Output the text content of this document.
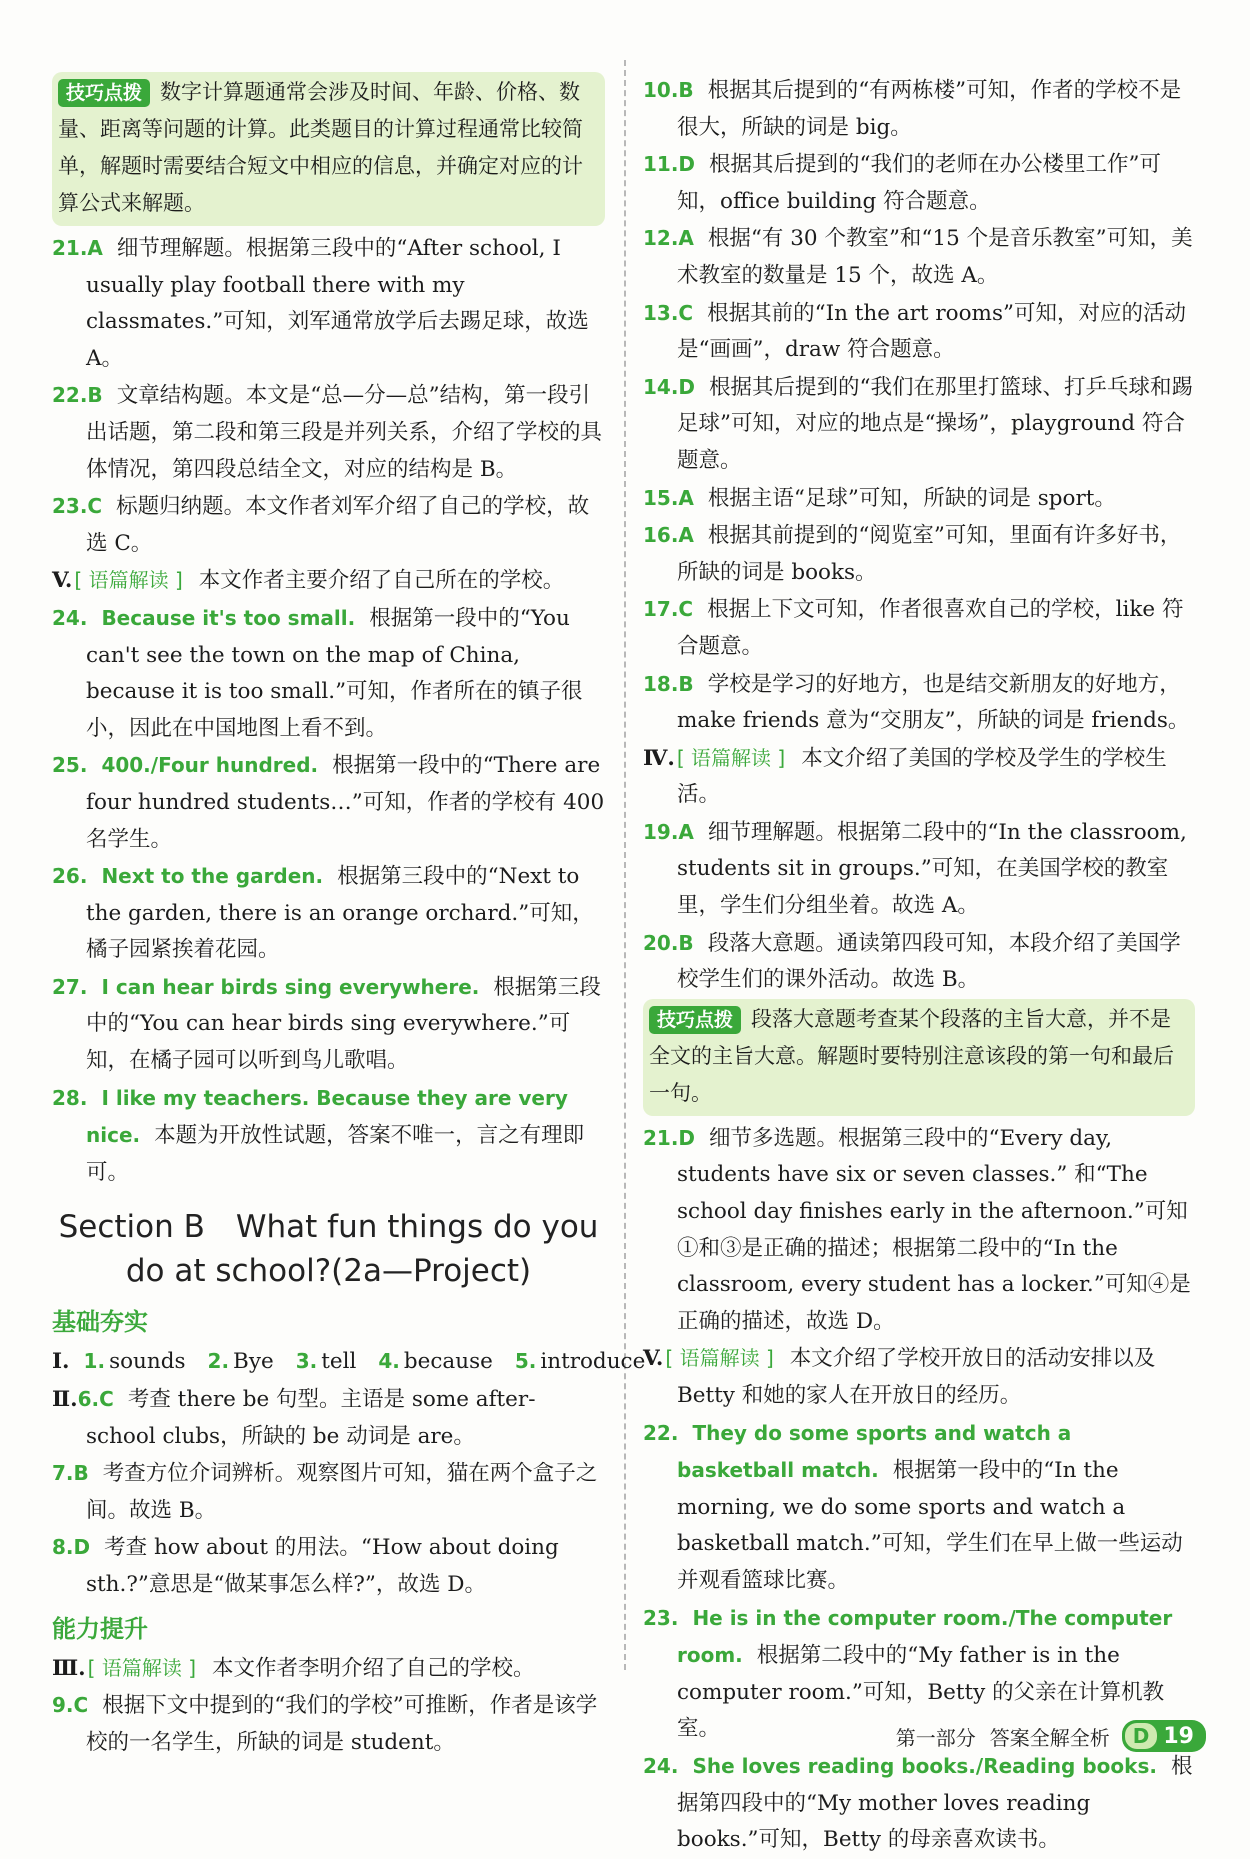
技巧点拨 数字计算题通常会涉及时间、年龄、价格、数量、距离等问题的计算。此类题目的计算过程通常比较简单，解题时需要结合短文中相应的信息，并确定对应的计算公式来解题。

21.A 细节理解题。根据第三段中的“After school, I usually play football there with my classmates.”可知，刘军通常放学后去踢足球，故选 A。

22.B 文章结构题。本文是“总—分—总”结构，第一段引出话题，第二段和第三段是并列关系，介绍了学校的具体情况，第四段总结全文，对应的结构是 B。

23.C 标题归纳题。本文作者刘军介绍了自己的学校，故选 C。

V. [ 语篇解读 ] 本文作者主要介绍了自己所在的学校。

24. Because it's too small. 根据第一段中的“You can't see the town on the map of China, because it is too small.”可知，作者所在的镇子很小，因此在中国地图上看不到。

25. 400./Four hundred. 根据第一段中的“There are four hundred students…”可知，作者的学校有 400 名学生。

26. Next to the garden. 根据第三段中的“Next to the garden, there is an orange orchard.”可知，橘子园紧挨着花园。

27. I can hear birds sing everywhere. 根据第三段中的“You can hear birds sing everywhere.”可知，在橘子园可以听到鸟儿歌唱。

28. I like my teachers. Because they are very nice. 本题为开放性试题，答案不唯一，言之有理即可。

Section B　What fun things do you
do at school?(2a—Project)
基础夯实

Ⅰ. 1. sounds 2. Bye 3. tell 4. because 5. introduce

Ⅱ.6.C 考查 there be 句型。主语是 some after-school clubs，所缺的 be 动词是 are。

7.B 考查方位介词辨析。观察图片可知，猫在两个盒子之间。故选 B。

8.D 考查 how about 的用法。“How about doing sth.?”意思是“做某事怎么样?”，故选 D。

能力提升

Ⅲ. [ 语篇解读 ] 本文作者李明介绍了自己的学校。

9.C 根据下文中提到的“我们的学校”可推断，作者是该学校的一名学生，所缺的词是 student。

10.B 根据其后提到的“有两栋楼”可知，作者的学校不是很大，所缺的词是 big。

11.D 根据其后提到的“我们的老师在办公楼里工作”可知，office building 符合题意。

12.A 根据“有 30 个教室”和“15 个是音乐教室”可知，美术教室的数量是 15 个，故选 A。

13.C 根据其前的“In the art rooms”可知，对应的活动是“画画”，draw 符合题意。

14.D 根据其后提到的“我们在那里打篮球、打乒乓球和踢足球”可知，对应的地点是“操场”，playground 符合题意。

15.A 根据主语“足球”可知，所缺的词是 sport。

16.A 根据其前提到的“阅览室”可知，里面有许多好书，所缺的词是 books。

17.C 根据上下文可知，作者很喜欢自己的学校，like 符合题意。

18.B 学校是学习的好地方，也是结交新朋友的好地方，make friends 意为“交朋友”，所缺的词是 friends。

Ⅳ. [ 语篇解读 ] 本文介绍了美国的学校及学生的学校生活。

19.A 细节理解题。根据第二段中的“In the classroom, students sit in groups.”可知，在美国学校的教室里，学生们分组坐着。故选 A。

20.B 段落大意题。通读第四段可知，本段介绍了美国学校学生们的课外活动。故选 B。

技巧点拨 段落大意题考查某个段落的主旨大意，并不是全文的主旨大意。解题时要特别注意该段的第一句和最后一句。

21.D 细节多选题。根据第三段中的“Every day, students have six or seven classes.” 和“The school day finishes early in the afternoon.”可知①和③是正确的描述；根据第二段中的“In the classroom, every student has a locker.”可知④是正确的描述，故选 D。

V. [ 语篇解读 ] 本文介绍了学校开放日的活动安排以及 Betty 和她的家人在开放日的经历。

22. They do some sports and watch a basketball match. 根据第一段中的“In the morning, we do some sports and watch a basketball match.”可知，学生们在早上做一些运动并观看篮球比赛。

23. He is in the computer room./The computer room. 根据第二段中的“My father is in the computer room.”可知，Betty 的父亲在计算机教室。

24. She loves reading books./Reading books. 根据第四段中的“My mother loves reading books.”可知，Betty 的母亲喜欢读书。

第一部分 答案全解全析	D 19
